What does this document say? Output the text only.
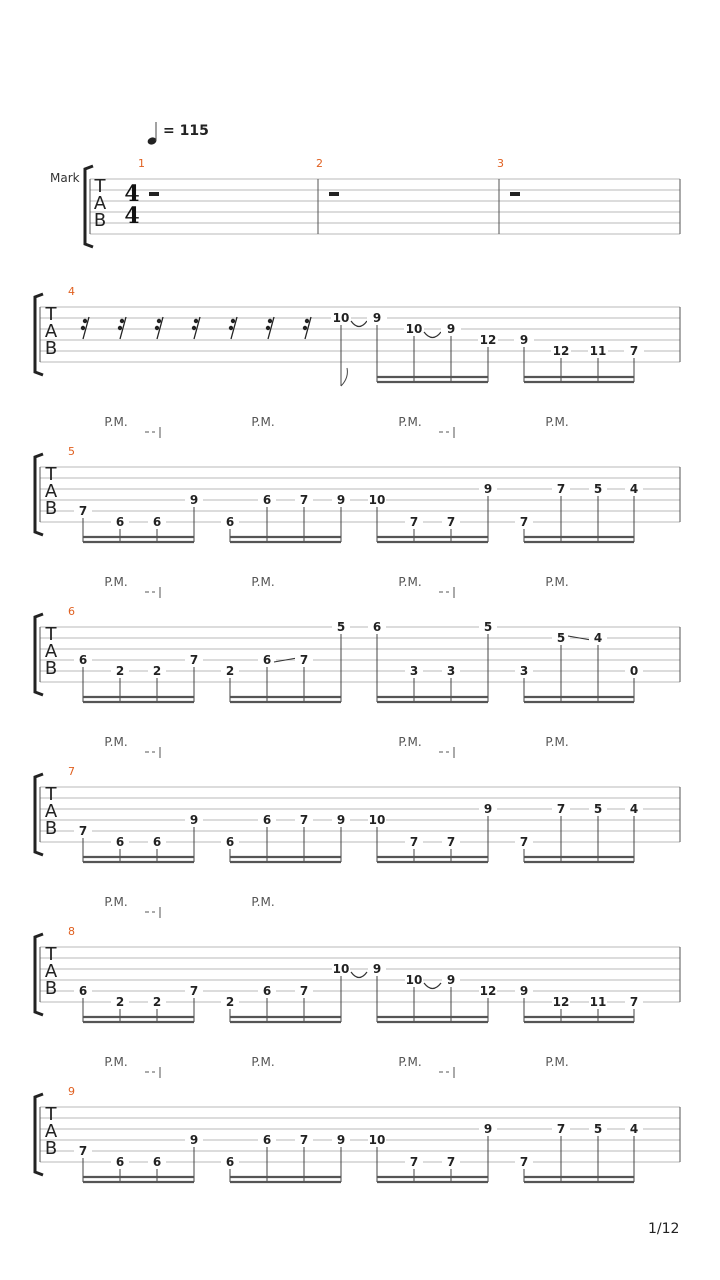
= 115
Mark T
A
B
4
4
1	2	3
T
A
B
4
10 9
10 9
12 9
12 11 7
T
A
B
5
P.M.	P.M.	P.M.	P.M.
7
6 6
9
6
6 7 9 10
7 7
9
7
7 5 4
T
A
B
6
P.M.	P.M.	P.M.	P.M.
6
2 2
7
2
6 7
5 6
3 3
5
3
5 4
0
T
A
B
7
P.M.	P.M.	P.M.
7
6 6
9
6
6 7 9 10
7 7
9
7
7 5 4
T
A
B
8
P.M.	P.M.
6
2 2
7
2
6 7
10 9
10 9
12 9
12 11 7
T
A
B
9
P.M.	P.M.	P.M.	P.M.
7
6 6
9
6
6 7 9 10
7 7
9
7
7 5 4
1/12
